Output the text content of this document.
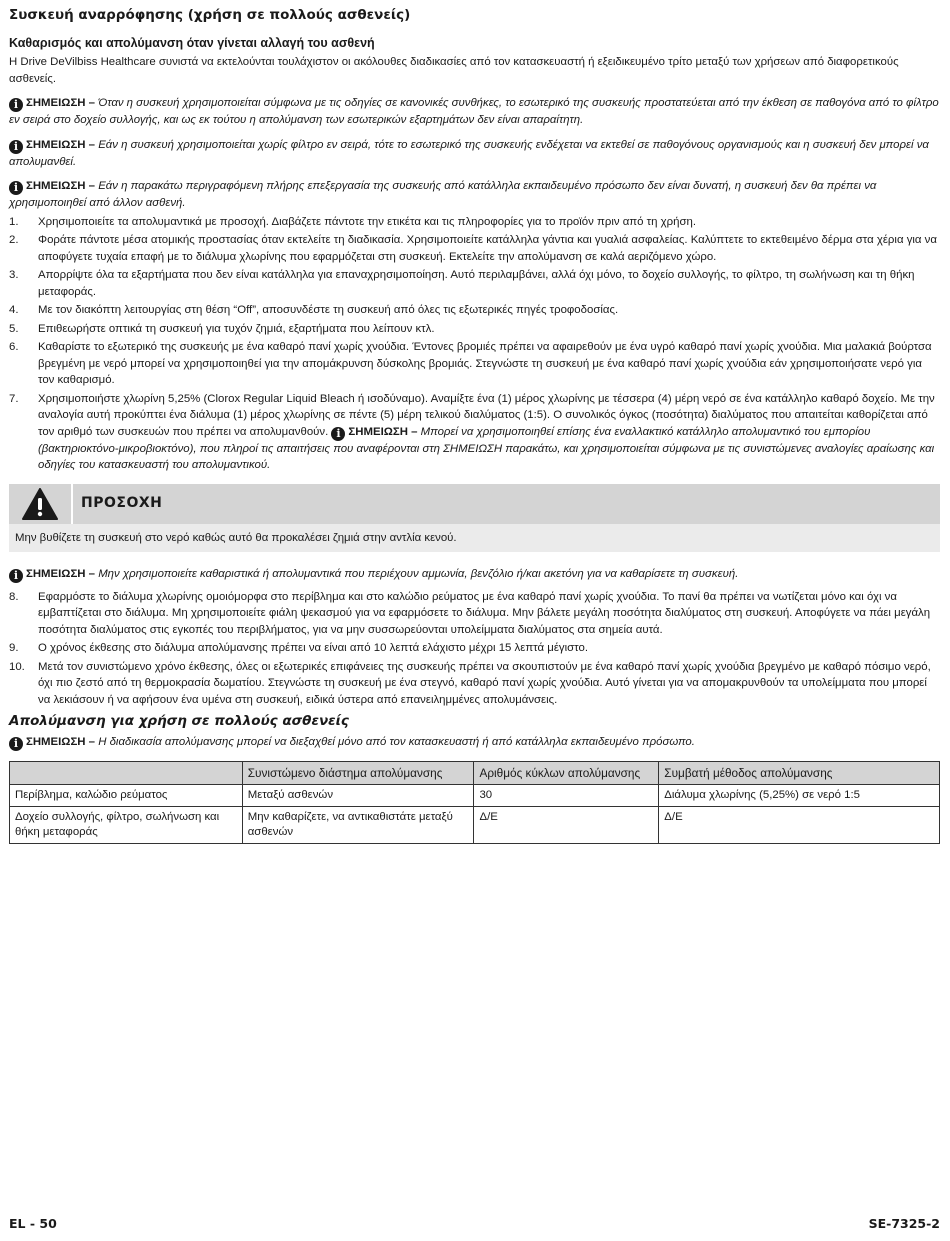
Συσκευή αναρρόφησης (χρήση σε πολλούς ασθενείς)
Καθαρισμός και απολύμανση όταν γίνεται αλλαγή του ασθενή

Η Drive DeVilbiss Healthcare συνιστά να εκτελούνται τουλάχιστον οι ακόλουθες διαδικασίες από τον κατασκευαστή ή εξειδικευμένο τρίτο μεταξύ των χρήσεων από διαφορετικούς ασθενείς.

i ΣΗΜΕΙΩΣΗ – Όταν η συσκευή χρησιμοποιείται σύμφωνα με τις οδηγίες σε κανονικές συνθήκες, το εσωτερικό της συσκευής προστατεύεται από την έκθεση σε παθογόνα από το φίλτρο εν σειρά στο δοχείο συλλογής, και ως εκ τούτου η απολύμανση των εσωτερικών εξαρτημάτων δεν είναι απαραίτητη.

i ΣΗΜΕΙΩΣΗ – Εάν η συσκευή χρησιμοποιείται χωρίς φίλτρο εν σειρά, τότε το εσωτερικό της συσκευής ενδέχεται να εκτεθεί σε παθογόνους οργανισμούς και η συσκευή δεν μπορεί να απολυμανθεί.

i ΣΗΜΕΙΩΣΗ – Εάν η παρακάτω περιγραφόμενη πλήρης επεξεργασία της συσκευής από κατάλληλα εκπαιδευμένο πρόσωπο δεν είναι δυνατή, η συσκευή δεν θα πρέπει να χρησιμοποιηθεί από άλλον ασθενή.

1.	Χρησιμοποιείτε τα απολυμαντικά με προσοχή. Διαβάζετε πάντοτε την ετικέτα και τις πληροφορίες για το προϊόν πριν από τη χρήση.
2.	Φοράτε πάντοτε μέσα ατομικής προστασίας όταν εκτελείτε τη διαδικασία. Χρησιμοποιείτε κατάλληλα γάντια και γυαλιά ασφαλείας. Καλύπτετε το εκτεθειμένο δέρμα στα χέρια για να αποφύγετε τυχαία επαφή με το διάλυμα χλωρίνης που εφαρμόζεται στη συσκευή. Εκτελείτε την απολύμανση σε καλά αεριζόμενο χώρο.
3.	Απορρίψτε όλα τα εξαρτήματα που δεν είναι κατάλληλα για επαναχρησιμοποίηση. Αυτό περιλαμβάνει, αλλά όχι μόνο, το δοχείο συλλογής, το φίλτρο, τη σωλήνωση και τη θήκη μεταφοράς.
4.	Με τον διακόπτη λειτουργίας στη θέση “Off”, αποσυνδέστε τη συσκευή από όλες τις εξωτερικές πηγές τροφοδοσίας.
5.	Επιθεωρήστε οπτικά τη συσκευή για τυχόν ζημιά, εξαρτήματα που λείπουν κτλ.
6.	Καθαρίστε το εξωτερικό της συσκευής με ένα καθαρό πανί χωρίς χνούδια. Έντονες βρομιές πρέπει να αφαιρεθούν με ένα υγρό καθαρό πανί χωρίς χνούδια. Μια μαλακιά βούρτσα βρεγμένη με νερό μπορεί να χρησιμοποιηθεί για την απομάκρυνση δύσκολης βρομιάς. Στεγνώστε τη συσκευή με ένα καθαρό πανί χωρίς χνούδια εάν χρησιμοποιήσατε νερό για τον καθαρισμό.
7.	Χρησιμοποιήστε χλωρίνη 5,25% (Clorox Regular Liquid Bleach ή ισοδύναμο). Αναμίξτε ένα (1) μέρος χλωρίνης με τέσσερα (4) μέρη νερό σε ένα κατάλληλο καθαρό δοχείο. Με την αναλογία αυτή προκύπτει ένα διάλυμα (1) μέρος χλωρίνης σε πέντε (5) μέρη τελικού διαλύματος (1:5). Ο συνολικός όγκος (ποσότητα) διαλύματος που απαιτείται καθορίζεται από τον αριθμό των συσκευών που πρέπει να απολυμανθούν. i ΣΗΜΕΙΩΣΗ – Μπορεί να χρησιμοποιηθεί επίσης ένα εναλλακτικό κατάλληλο απολυμαντικό του εμπορίου (βακτηριοκτόνο-μικροβιοκτόνο), που πληροί τις απαιτήσεις που αναφέρονται στη ΣΗΜΕΙΩΣΗ παρακάτω, και χρησιμοποιείται σύμφωνα με τις συνιστώμενες αναλογίες αραίωσης και οδηγίες του κατασκευαστή του απολυμαντικού.
ΠΡΟΣΟΧΗ
Μην βυθίζετε τη συσκευή στο νερό καθώς αυτό θα προκαλέσει ζημιά στην αντλία κενού.

i ΣΗΜΕΙΩΣΗ – Μην χρησιμοποιείτε καθαριστικά ή απολυμαντικά που περιέχουν αμμωνία, βενζόλιο ή/και ακετόνη για να καθαρίσετε τη συσκευή.

8.	Εφαρμόστε το διάλυμα χλωρίνης ομοιόμορφα στο περίβλημα και στο καλώδιο ρεύματος με ένα καθαρό πανί χωρίς χνούδια. Το πανί θα πρέπει να νωτίζεται μόνο και όχι να εμβαπτίζεται στο διάλυμα. Μη χρησιμοποιείτε φιάλη ψεκασμού για να εφαρμόσετε το διάλυμα. Μην βάλετε μεγάλη ποσότητα διαλύματος στη συσκευή. Αποφύγετε να πάει μεγάλη ποσότητα διαλύματος στις εγκοπές του περιβλήματος, για να μην συσσωρεύονται υπολείμματα διαλύματος στα σημεία αυτά.
9.	Ο χρόνος έκθεσης στο διάλυμα απολύμανσης πρέπει να είναι από 10 λεπτά ελάχιστο μέχρι 15 λεπτά μέγιστο.
10.	Μετά τον συνιστώμενο χρόνο έκθεσης, όλες οι εξωτερικές επιφάνειες της συσκευής πρέπει να σκουπιστούν με ένα καθαρό πανί χωρίς χνούδια βρεγμένο με καθαρό πόσιμο νερό, όχι πιο ζεστό από τη θερμοκρασία δωματίου. Στεγνώστε τη συσκευή με ένα στεγνό, καθαρό πανί χωρίς χνούδια. Αυτό γίνεται για να απομακρυνθούν τα υπολείμματα που μπορεί να λεκιάσουν ή να αφήσουν ένα υμένα στη συσκευή, ειδικά ύστερα από επανειλημμένες απολυμάνσεις.
Απολύμανση για χρήση σε πολλούς ασθενείς

i ΣΗΜΕΙΩΣΗ – Η διαδικασία απολύμανσης μπορεί να διεξαχθεί μόνο από τον κατασκευαστή ή από κατάλληλα εκπαιδευμένο πρόσωπο.

	Συνιστώμενο διάστημα απολύμανσης	Αριθμός κύκλων απολύμανσης	Συμβατή μέθοδος απολύμανσης
Περίβλημα, καλώδιο ρεύματος	Μεταξύ ασθενών	30	Διάλυμα χλωρίνης (5,25%) σε νερό 1:5
Δοχείο συλλογής, φίλτρο, σωλήνωση και θήκη μεταφοράς	Μην καθαρίζετε, να αντικαθιστάτε μεταξύ ασθενών	Δ/Ε	Δ/Ε
EL - 50	SE-7325-2
